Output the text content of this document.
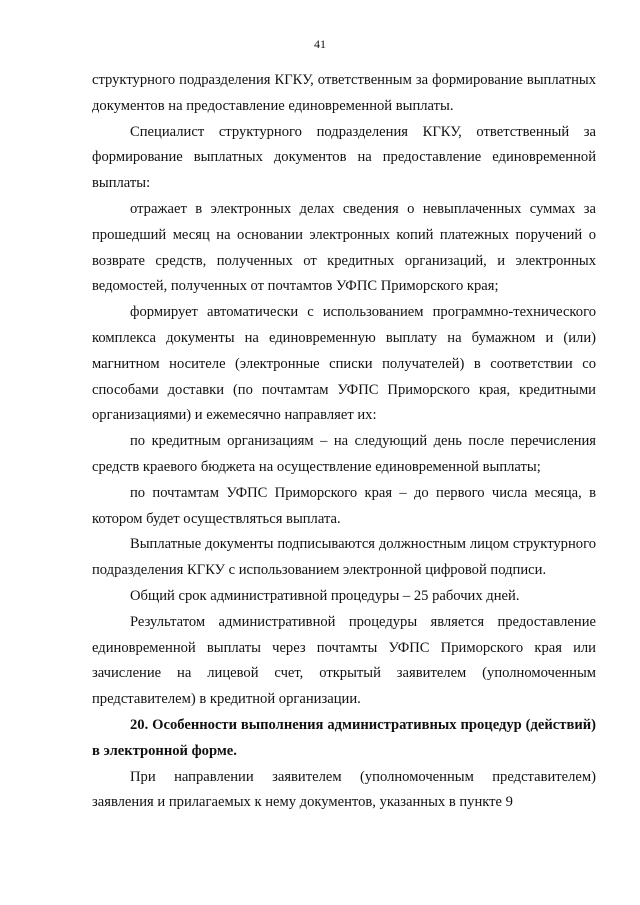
41

структурного подразделения КГКУ, ответственным за формирование выплатных документов на предоставление единовременной выплаты.

Специалист структурного подразделения КГКУ, ответственный за формирование выплатных документов на предоставление единовременной выплаты:

отражает в электронных делах сведения о невыплаченных суммах за прошедший месяц на основании электронных копий платежных поручений о возврате средств, полученных от кредитных организаций, и электронных ведомостей, полученных от почтамтов УФПС Приморского края;

формирует автоматически с использованием программно-технического комплекса документы на единовременную выплату на бумажном и (или) магнитном носителе (электронные списки получателей) в соответствии со способами доставки (по почтамтам УФПС Приморского края, кредитными организациями) и ежемесячно направляет их:

по кредитным организациям – на следующий день после перечисления средств краевого бюджета на осуществление единовременной выплаты;

по почтамтам УФПС Приморского края – до первого числа месяца, в котором будет осуществляться выплата.

Выплатные документы подписываются должностным лицом структурного подразделения КГКУ с использованием электронной цифровой подписи.

Общий срок административной процедуры – 25 рабочих дней.

Результатом административной процедуры является предоставление единовременной выплаты через почтамты УФПС Приморского края или зачисление на лицевой счет, открытый заявителем (уполномоченным представителем) в кредитной организации.

20. Особенности выполнения административных процедур (действий) в электронной форме.

При направлении заявителем (уполномоченным представителем) заявления и прилагаемых к нему документов, указанных в пункте 9
